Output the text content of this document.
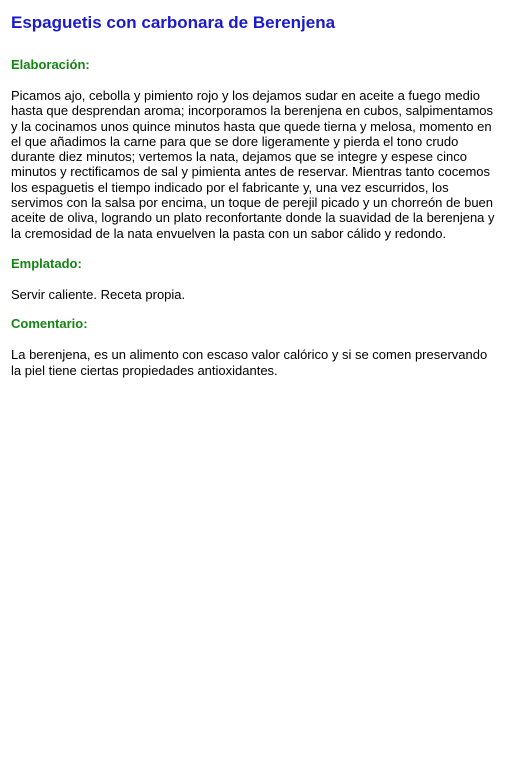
Espaguetis con carbonara de Berenjena
Elaboración:

Picamos ajo, cebolla y pimiento rojo y los dejamos sudar en aceite a fuego medio hasta que desprendan aroma; incorporamos la berenjena en cubos, salpimentamos y la cocinamos unos quince minutos hasta que quede tierna y melosa, momento en el que añadimos la carne para que se dore ligeramente y pierda el tono crudo durante diez minutos; vertemos la nata, dejamos que se integre y espese cinco minutos y rectificamos de sal y pimienta antes de reservar. Mientras tanto cocemos los espaguetis el tiempo indicado por el fabricante y, una vez escurridos, los servimos con la salsa por encima, un toque de perejil picado y un chorreón de buen aceite de oliva, logrando un plato reconfortante donde la suavidad de la berenjena y la cremosidad de la nata envuelven la pasta con un sabor cálido y redondo.

Emplatado:

Servir caliente. Receta propia.

Comentario:

La berenjena, es un alimento con escaso valor calórico y si se comen preservando la piel tiene ciertas propiedades antioxidantes.
